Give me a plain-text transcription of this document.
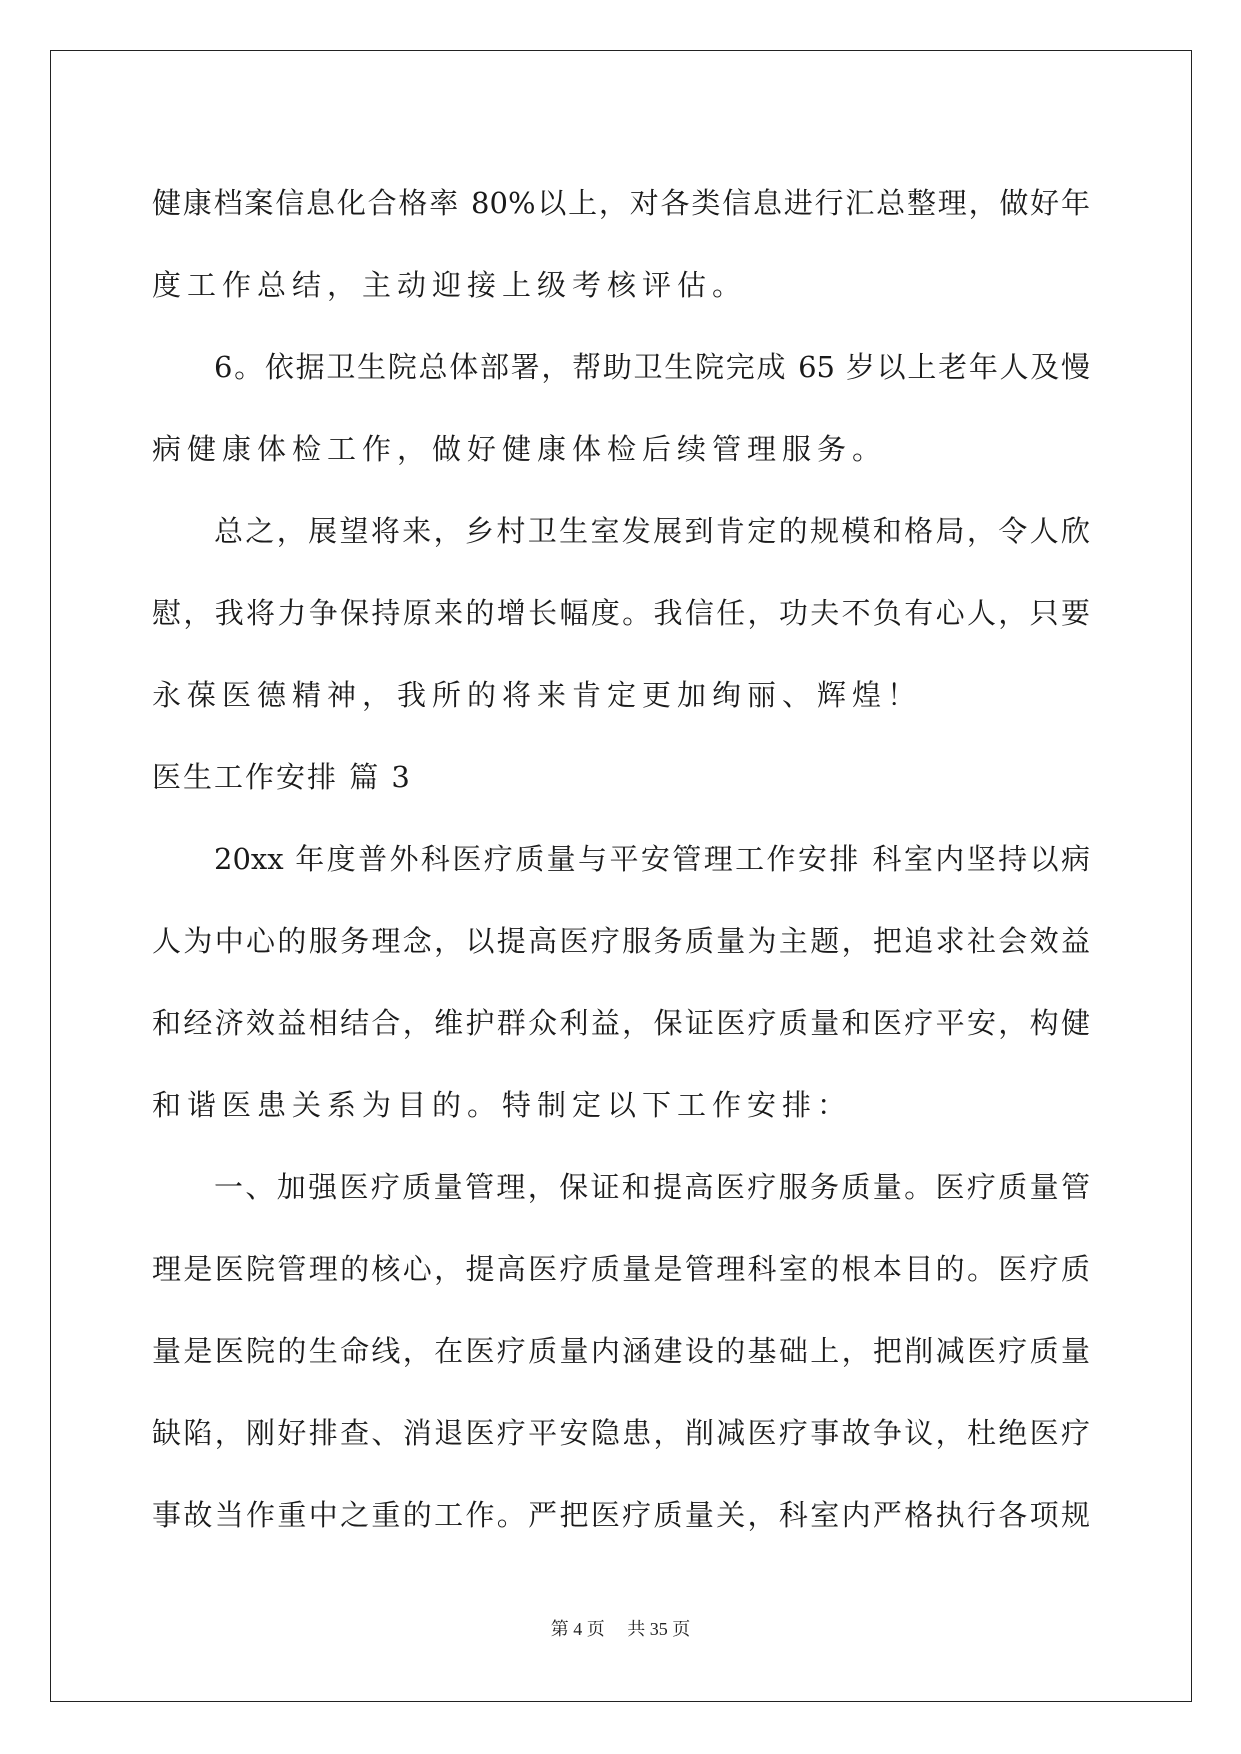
健康档案信息化合格率 80%以上，对各类信息进行汇总整理，做好年
度工作总结，主动迎接上级考核评估。
6。依据卫生院总体部署，帮助卫生院完成 65 岁以上老年人及慢
病健康体检工作，做好健康体检后续管理服务。
总之，展望将来，乡村卫生室发展到肯定的规模和格局，令人欣
慰，我将力争保持原来的增长幅度。我信任，功夫不负有心人，只要
永葆医德精神，我所的将来肯定更加绚丽、辉煌！
医生工作安排 篇 3
20xx 年度普外科医疗质量与平安管理工作安排 科室内坚持以病
人为中心的服务理念，以提高医疗服务质量为主题，把追求社会效益
和经济效益相结合，维护群众利益，保证医疗质量和医疗平安，构健
和谐医患关系为目的。特制定以下工作安排：
一、加强医疗质量管理，保证和提高医疗服务质量。医疗质量管
理是医院管理的核心，提高医疗质量是管理科室的根本目的。医疗质
量是医院的生命线，在医疗质量内涵建设的基础上，把削减医疗质量
缺陷，刚好排查、消退医疗平安隐患，削减医疗事故争议，杜绝医疗
事故当作重中之重的工作。严把医疗质量关，科室内严格执行各项规
第 4 页　 共 35 页
